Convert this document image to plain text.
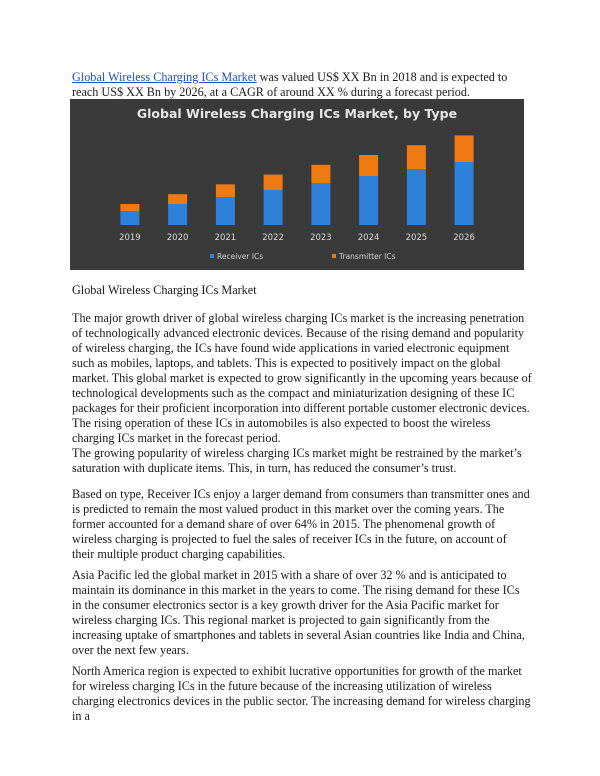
Global Wireless Charging ICs Market was valued US$ XX Bn in 2018 and is expected to reach US$ XX Bn by 2026, at a CAGR of around XX % during a forecast period.

Global Wireless Charging ICs Market, by Type
2019	2020	2021	2022	2023	2024	2025	2026
Receiver ICs	Transmitter ICs

Global Wireless Charging ICs Market

The major growth driver of global wireless charging ICs market is the increasing penetration of technologically advanced electronic devices. Because of the rising demand and popularity of wireless charging, the ICs have found wide applications in varied electronic equipment such as mobiles, laptops, and tablets. This is expected to positively impact on the global market. This global market is expected to grow significantly in the upcoming years because of technological developments such as the compact and miniaturization designing of these IC packages for their proficient incorporation into different portable customer electronic devices. The rising operation of these ICs in automobiles is also expected to boost the wireless charging ICs market in the forecast period.

The growing popularity of wireless charging ICs market might be restrained by the market’s saturation with duplicate items. This, in turn, has reduced the consumer’s trust.

Based on type, Receiver ICs enjoy a larger demand from consumers than transmitter ones and is predicted to remain the most valued product in this market over the coming years. The former accounted for a demand share of over 64% in 2015. The phenomenal growth of wireless charging is projected to fuel the sales of receiver ICs in the future, on account of their multiple product charging capabilities.

Asia Pacific led the global market in 2015 with a share of over 32 % and is anticipated to maintain its dominance in this market in the years to come. The rising demand for these ICs in the consumer electronics sector is a key growth driver for the Asia Pacific market for wireless charging ICs. This regional market is projected to gain significantly from the increasing uptake of smartphones and tablets in several Asian countries like India and China, over the next few years.

North America region is expected to exhibit lucrative opportunities for growth of the market for wireless charging ICs in the future because of the increasing utilization of wireless charging electronics devices in the public sector. The increasing demand for wireless charging in a
